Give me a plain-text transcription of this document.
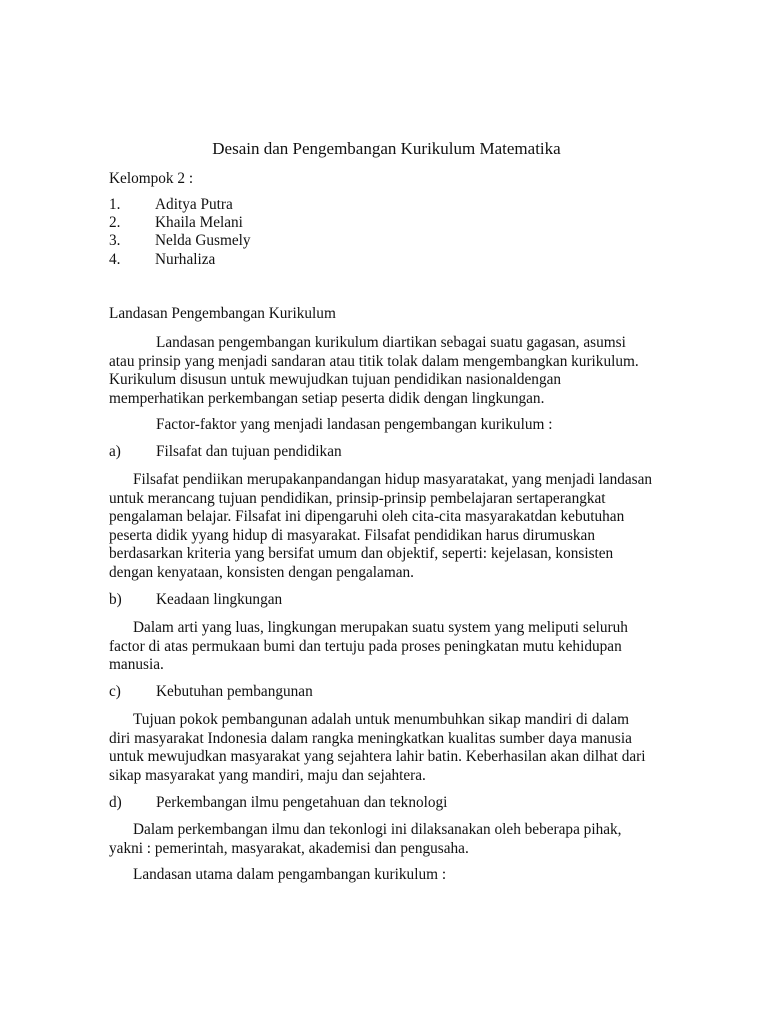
Desain dan Pengembangan Kurikulum Matematika
Kelompok 2 :
1. Aditya Putra
2. Khaila Melani
3. Nelda Gusmely
4. Nurhaliza
Landasan Pengembangan Kurikulum
Landasan pengembangan kurikulum diartikan sebagai suatu gagasan, asumsi
atau prinsip yang menjadi sandaran atau titik tolak dalam mengembangkan kurikulum.
Kurikulum disusun untuk mewujudkan tujuan pendidikan nasionaldengan
memperhatikan perkembangan setiap peserta didik dengan lingkungan.
Factor-faktor yang menjadi landasan pengembangan kurikulum :
a) Filsafat dan tujuan pendidikan
Filsafat pendiikan merupakanpandangan hidup masyaratakat, yang menjadi landasan
untuk merancang tujuan pendidikan, prinsip-prinsip pembelajaran sertaperangkat
pengalaman belajar. Filsafat ini dipengaruhi oleh cita-cita masyarakatdan kebutuhan
peserta didik yyang hidup di masyarakat. Filsafat pendidikan harus dirumuskan
berdasarkan kriteria yang bersifat umum dan objektif, seperti: kejelasan, konsisten
dengan kenyataan, konsisten dengan pengalaman.
b) Keadaan lingkungan
Dalam arti yang luas, lingkungan merupakan suatu system yang meliputi seluruh
factor di atas permukaan bumi dan tertuju pada proses peningkatan mutu kehidupan
manusia.
c) Kebutuhan pembangunan
Tujuan pokok pembangunan adalah untuk menumbuhkan sikap mandiri di dalam
diri masyarakat Indonesia dalam rangka meningkatkan kualitas sumber daya manusia
untuk mewujudkan masyarakat yang sejahtera lahir batin. Keberhasilan akan dilhat dari
sikap masyarakat yang mandiri, maju dan sejahtera.
d) Perkembangan ilmu pengetahuan dan teknologi
Dalam perkembangan ilmu dan tekonlogi ini dilaksanakan oleh beberapa pihak,
yakni : pemerintah, masyarakat, akademisi dan pengusaha.
Landasan utama dalam pengambangan kurikulum :
